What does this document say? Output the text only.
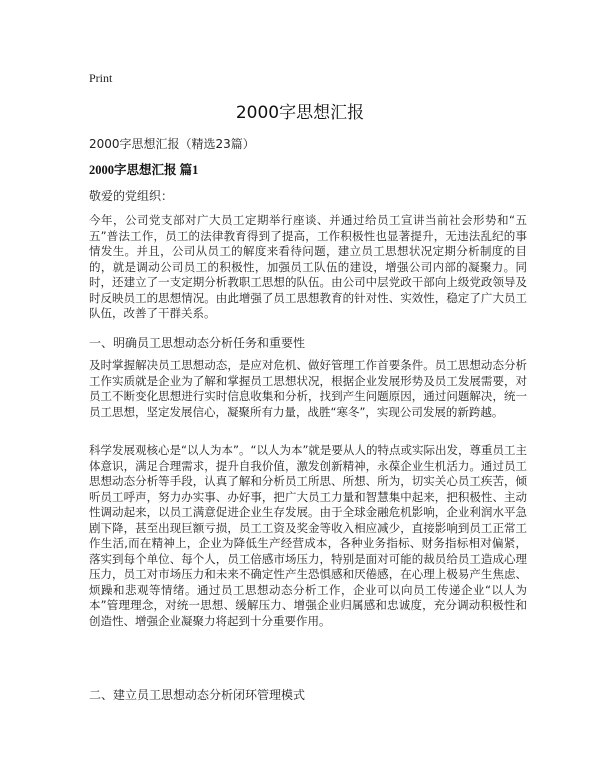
Print
2000字思想汇报
2000字思想汇报（精选23篇）
2000字思想汇报 篇1
敬爱的党组织：

今年，公司党支部对广大员工定期举行座谈、并通过给员工宣讲当前社会形势和“五五”普法工作，员工的法律教育得到了提高，工作积极性也显著提升，无违法乱纪的事情发生。并且，公司从员工的解度来看待问题，建立员工思想状况定期分析制度的目的，就是调动公司员工的积极性，加强员工队伍的建设，增强公司内部的凝聚力。同时，还建立了一支定期分析教职工思想的队伍。由公司中层党政干部向上级党政领导及时反映员工的思想情况。由此增强了员工思想教育的针对性、实效性，稳定了广大员工队伍，改善了干群关系。

一、明确员工思想动态分析任务和重要性

及时掌握解决员工思想动态，是应对危机、做好管理工作首要条件。员工思想动态分析工作实质就是企业为了解和掌握员工思想状况，根据企业发展形势及员工发展需要，对员工不断变化思想进行实时信息收集和分析，找到产生问题原因，通过问题解决，统一员工思想，坚定发展信心，凝聚所有力量，战胜“寒冬”，实现公司发展的新跨越。

科学发展观核心是“以人为本”。“以人为本”就是要从人的特点或实际出发，尊重员工主体意识，满足合理需求，提升自我价值，激发创新精神，永葆企业生机活力。通过员工思想动态分析等手段，认真了解和分析员工所思、所想、所为，切实关心员工疾苦，倾听员工呼声，努力办实事、办好事，把广大员工力量和智慧集中起来，把积极性、主动性调动起来，以员工满意促进企业生存发展。由于全球金融危机影响，企业利润水平急剧下降，甚至出现巨额亏损，员工工资及奖金等收入相应减少，直接影响到员工正常工作生活,而在精神上，企业为降低生产经营成本，各种业务指标、财务指标相对偏紧，落实到每个单位、每个人，员工倍感市场压力，特别是面对可能的裁员给员工造成心理压力，员工对市场压力和未来不确定性产生恐惧感和厌倦感，在心理上极易产生焦虑、烦躁和悲观等情绪。通过员工思想动态分析工作，企业可以向员工传递企业“以人为本”管理理念，对统一思想、缓解压力、增强企业归属感和忠诚度，充分调动积极性和创造性、增强企业凝聚力将起到十分重要作用。

二、建立员工思想动态分析闭环管理模式
